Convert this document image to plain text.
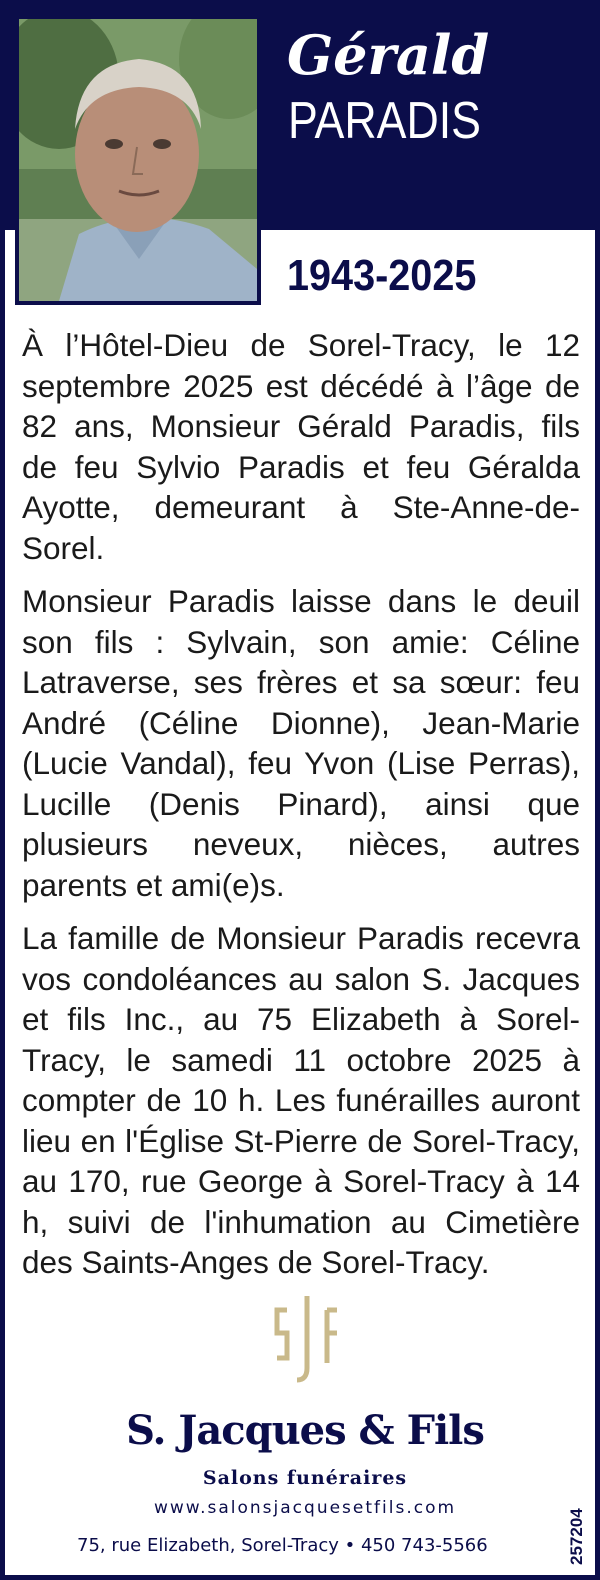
Gérald
PARADIS
1943-2025

À l’Hôtel-Dieu de Sorel-Tracy, le 12 septembre 2025 est décédé à l’âge de 82 ans, Monsieur Gérald Paradis, fils de feu Sylvio Paradis et feu Géralda Ayotte, demeurant à Ste-Anne-de-Sorel.

Monsieur Paradis laisse dans le deuil son fils : Sylvain, son amie: Céline Latraverse, ses frères et sa sœur: feu André (Céline Dionne), Jean-Marie (Lucie Vandal), feu Yvon (Lise Perras), Lucille (Denis Pinard), ainsi que plusieurs neveux, nièces, autres parents et ami(e)s.

La famille de Monsieur Paradis recevra vos condoléances au salon S. Jacques et fils Inc., au 75 Elizabeth à Sorel-Tracy, le samedi 11 octobre 2025 à compter de 10 h. Les funérailles auront lieu en l'Église St-Pierre de Sorel-Tracy, au 170, rue George à Sorel-Tracy à 14 h, suivi de l'inhumation au Cimetière des Saints-Anges de Sorel-Tracy.

S. Jacques & Fils
Salons funéraires
www.salonsjacquesetfils.com
75, rue Elizabeth, Sorel-Tracy • 450 743-5566	257204
